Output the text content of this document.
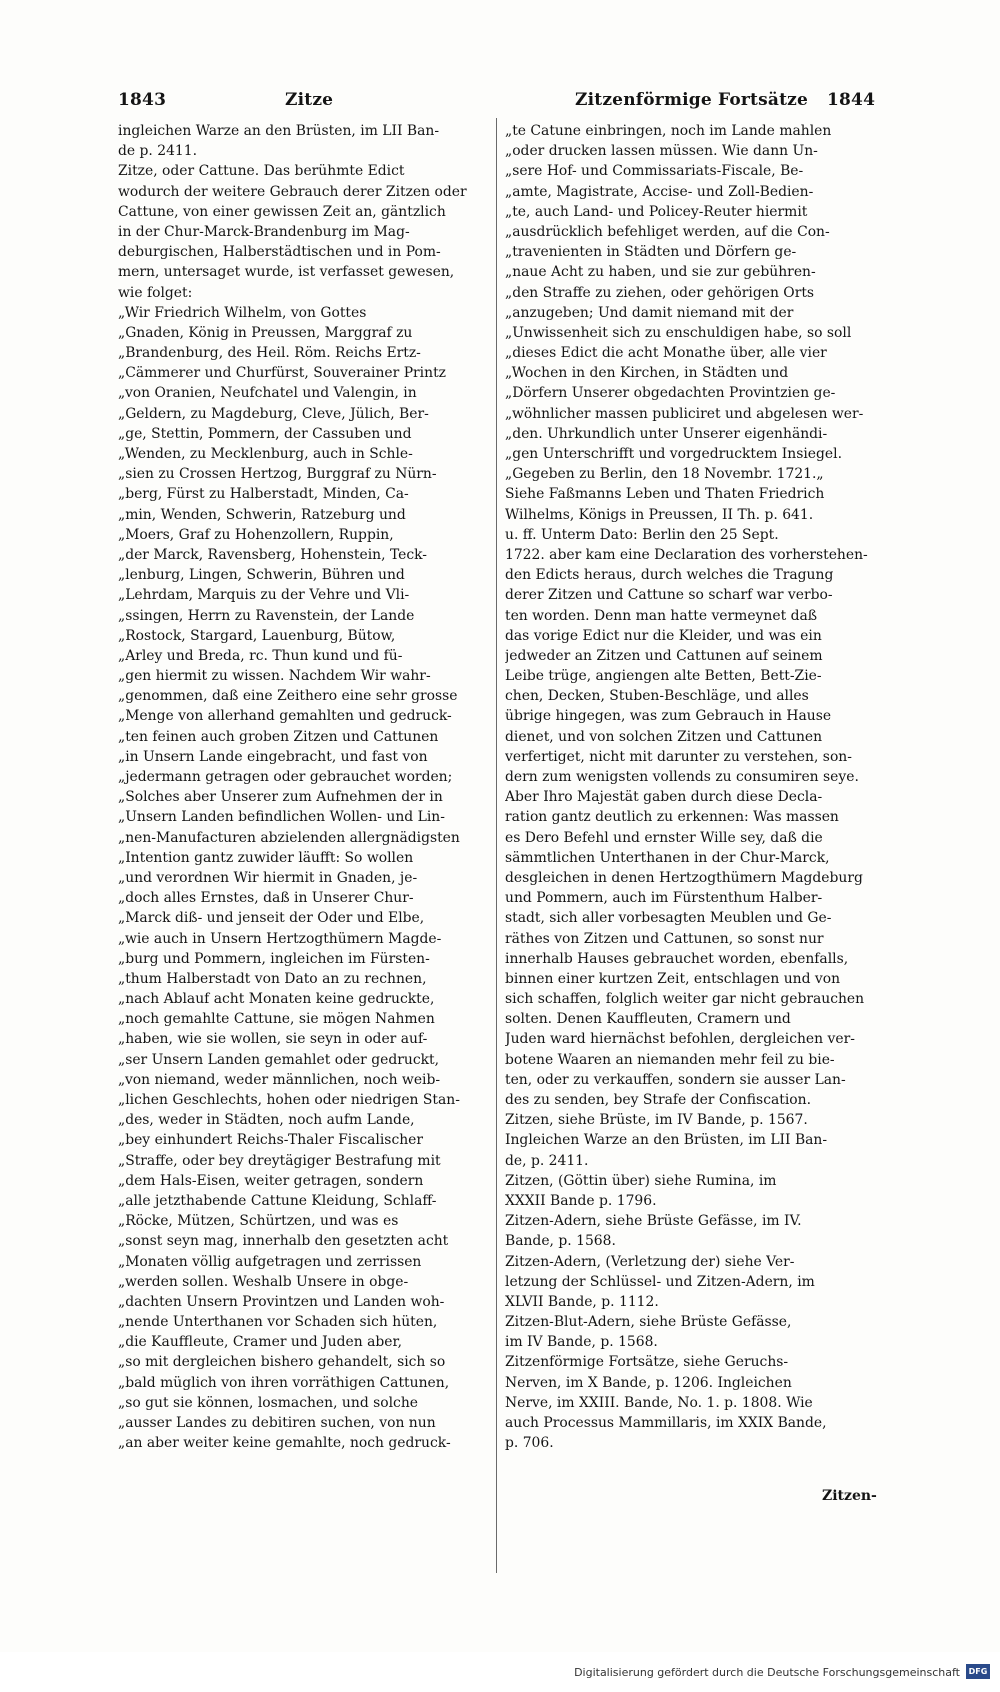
1843	Zitze	Zitzenförmige Fortsätze 1844
ingleichen Warze an den Brüsten, im LII Ban-
de p. 2411.
Zitze, oder Cattune. Das berühmte Edict
wodurch der weitere Gebrauch derer Zitzen oder
Cattune, von einer gewissen Zeit an, gäntzlich
in der Chur-Marck-Brandenburg im Mag-
deburgischen, Halberstädtischen und in Pom-
mern, untersaget wurde, ist verfasset gewesen,
wie folget:
„Wir Friedrich Wilhelm, von Gottes
„Gnaden, König in Preussen, Marggraf zu
„Brandenburg, des Heil. Röm. Reichs Ertz-
„Cämmerer und Churfürst, Souverainer Printz
„von Oranien, Neufchatel und Valengin, in
„Geldern, zu Magdeburg, Cleve, Jülich, Ber-
„ge, Stettin, Pommern, der Cassuben und
„Wenden, zu Mecklenburg, auch in Schle-
„sien zu Crossen Hertzog, Burggraf zu Nürn-
„berg, Fürst zu Halberstadt, Minden, Ca-
„min, Wenden, Schwerin, Ratzeburg und
„Moers, Graf zu Hohenzollern, Ruppin,
„der Marck, Ravensberg, Hohenstein, Teck-
„lenburg, Lingen, Schwerin, Bühren und
„Lehrdam, Marquis zu der Vehre und Vli-
„ssingen, Herrn zu Ravenstein, der Lande
„Rostock, Stargard, Lauenburg, Bütow,
„Arley und Breda, rc. Thun kund und fü-
„gen hiermit zu wissen. Nachdem Wir wahr-
„genommen, daß eine Zeithero eine sehr grosse
„Menge von allerhand gemahlten und gedruck-
„ten feinen auch groben Zitzen und Cattunen
„in Unsern Lande eingebracht, und fast von
„jedermann getragen oder gebrauchet worden;
„Solches aber Unserer zum Aufnehmen der in
„Unsern Landen befindlichen Wollen- und Lin-
„nen-Manufacturen abzielenden allergnädigsten
„Intention gantz zuwider läufft: So wollen
„und verordnen Wir hiermit in Gnaden, je-
„doch alles Ernstes, daß in Unserer Chur-
„Marck diß- und jenseit der Oder und Elbe,
„wie auch in Unsern Hertzogthümern Magde-
„burg und Pommern, ingleichen im Fürsten-
„thum Halberstadt von Dato an zu rechnen,
„nach Ablauf acht Monaten keine gedruckte,
„noch gemahlte Cattune, sie mögen Nahmen
„haben, wie sie wollen, sie seyn in oder auf-
„ser Unsern Landen gemahlet oder gedruckt,
„von niemand, weder männlichen, noch weib-
„lichen Geschlechts, hohen oder niedrigen Stan-
„des, weder in Städten, noch aufm Lande,
„bey einhundert Reichs-Thaler Fiscalischer
„Straffe, oder bey dreytägiger Bestrafung mit
„dem Hals-Eisen, weiter getragen, sondern
„alle jetzthabende Cattune Kleidung, Schlaff-
„Röcke, Mützen, Schürtzen, und was es
„sonst seyn mag, innerhalb den gesetzten acht
„Monaten völlig aufgetragen und zerrissen
„werden sollen. Weshalb Unsere in obge-
„dachten Unsern Provintzen und Landen woh-
„nende Unterthanen vor Schaden sich hüten,
„die Kauffleute, Cramer und Juden aber,
„so mit dergleichen bishero gehandelt, sich so
„bald müglich von ihren vorräthigen Cattunen,
„so gut sie können, losmachen, und solche
„ausser Landes zu debitiren suchen, von nun
„an aber weiter keine gemahlte, noch gedruck-
„te Catune einbringen, noch im Lande mahlen
„oder drucken lassen müssen. Wie dann Un-
„sere Hof- und Commissariats-Fiscale, Be-
„amte, Magistrate, Accise- und Zoll-Bedien-
„te, auch Land- und Policey-Reuter hiermit
„ausdrücklich befehliget werden, auf die Con-
„travenienten in Städten und Dörfern ge-
„naue Acht zu haben, und sie zur gebühren-
„den Straffe zu ziehen, oder gehörigen Orts
„anzugeben; Und damit niemand mit der
„Unwissenheit sich zu enschuldigen habe, so soll
„dieses Edict die acht Monathe über, alle vier
„Wochen in den Kirchen, in Städten und
„Dörfern Unserer obgedachten Provintzien ge-
„wöhnlicher massen publiciret und abgelesen wer-
„den. Uhrkundlich unter Unserer eigenhändi-
„gen Unterschrifft und vorgedrucktem Insiegel.
„Gegeben zu Berlin, den 18 Novembr. 1721.„
Siehe Faßmanns Leben und Thaten Friedrich
Wilhelms, Königs in Preussen, II Th. p. 641.
u. ff. Unterm Dato: Berlin den 25 Sept.
1722. aber kam eine Declaration des vorherstehen-
den Edicts heraus, durch welches die Tragung
derer Zitzen und Cattune so scharf war verbo-
ten worden. Denn man hatte vermeynet daß
das vorige Edict nur die Kleider, und was ein
jedweder an Zitzen und Cattunen auf seinem
Leibe trüge, angiengen alte Betten, Bett-Zie-
chen, Decken, Stuben-Beschläge, und alles
übrige hingegen, was zum Gebrauch in Hause
dienet, und von solchen Zitzen und Cattunen
verfertiget, nicht mit darunter zu verstehen, son-
dern zum wenigsten vollends zu consumiren seye.
Aber Ihro Majestät gaben durch diese Decla-
ration gantz deutlich zu erkennen: Was massen
es Dero Befehl und ernster Wille sey, daß die
sämmtlichen Unterthanen in der Chur-Marck,
desgleichen in denen Hertzogthümern Magdeburg
und Pommern, auch im Fürstenthum Halber-
stadt, sich aller vorbesagten Meublen und Ge-
räthes von Zitzen und Cattunen, so sonst nur
innerhalb Hauses gebrauchet worden, ebenfalls,
binnen einer kurtzen Zeit, entschlagen und von
sich schaffen, folglich weiter gar nicht gebrauchen
solten. Denen Kauffleuten, Cramern und
Juden ward hiernächst befohlen, dergleichen ver-
botene Waaren an niemanden mehr feil zu bie-
ten, oder zu verkauffen, sondern sie ausser Lan-
des zu senden, bey Strafe der Confiscation.
Zitzen, siehe Brüste, im IV Bande, p. 1567.
Ingleichen Warze an den Brüsten, im LII Ban-
de, p. 2411.
Zitzen, (Göttin über) siehe Rumina, im
XXXII Bande p. 1796.
Zitzen-Adern, siehe Brüste Gefässe, im IV.
Bande, p. 1568.
Zitzen-Adern, (Verletzung der) siehe Ver-
letzung der Schlüssel- und Zitzen-Adern, im
XLVII Bande, p. 1112.
Zitzen-Blut-Adern, siehe Brüste Gefässe,
im IV Bande, p. 1568.
Zitzenförmige Fortsätze, siehe Geruchs-
Nerven, im X Bande, p. 1206. Ingleichen
Nerve, im XXIII. Bande, No. 1. p. 1808. Wie
auch Processus Mammillaris, im XXIX Bande,
p. 706.
Zitzen-
Digitalisierung gefördert durch die Deutsche Forschungsgemeinschaft	DFG
